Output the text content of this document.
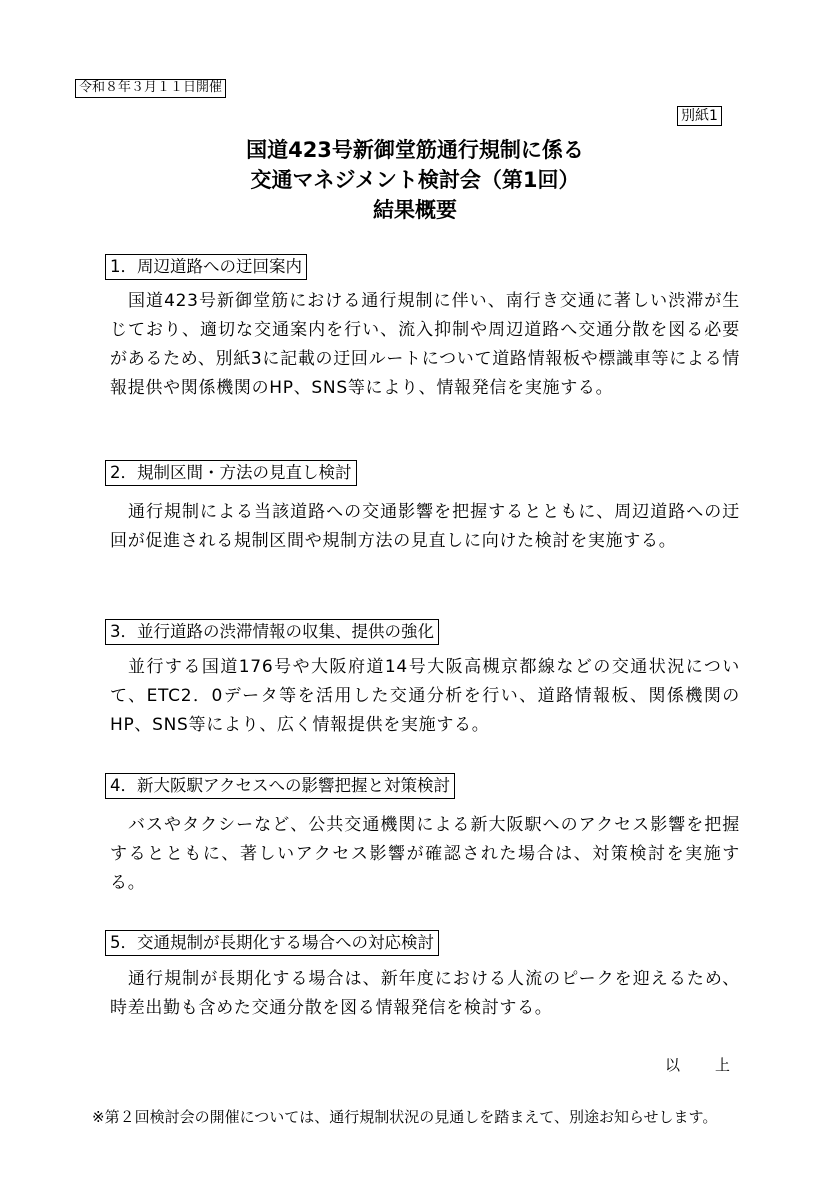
令和８年３月１１日開催
別紙1
国道423号新御堂筋通行規制に係る
交通マネジメント検討会（第1回）
結果概要
1．周辺道路への迂回案内
国道423号新御堂筋における通行規制に伴い、南行き交通に著しい渋滞が生じており、適切な交通案内を行い、流入抑制や周辺道路へ交通分散を図る必要があるため、別紙3に記載の迂回ルートについて道路情報板や標識車等による情報提供や関係機関のHP、SNS等により、情報発信を実施する。
2．規制区間・方法の見直し検討
通行規制による当該道路への交通影響を把握するとともに、周辺道路への迂回が促進される規制区間や規制方法の見直しに向けた検討を実施する。
3．並行道路の渋滞情報の収集、提供の強化
並行する国道176号や大阪府道14号大阪高槻京都線などの交通状況について、ETC2．0データ等を活用した交通分析を行い、道路情報板、関係機関のHP、SNS等により、広く情報提供を実施する。
4．新大阪駅アクセスへの影響把握と対策検討
バスやタクシーなど、公共交通機関による新大阪駅へのアクセス影響を把握するとともに、著しいアクセス影響が確認された場合は、対策検討を実施する。
5．交通規制が長期化する場合への対応検討
通行規制が長期化する場合は、新年度における人流のピークを迎えるため、時差出勤も含めた交通分散を図る情報発信を検討する。
以　上
※第２回検討会の開催については、通行規制状況の見通しを踏まえて、別途お知らせします。
